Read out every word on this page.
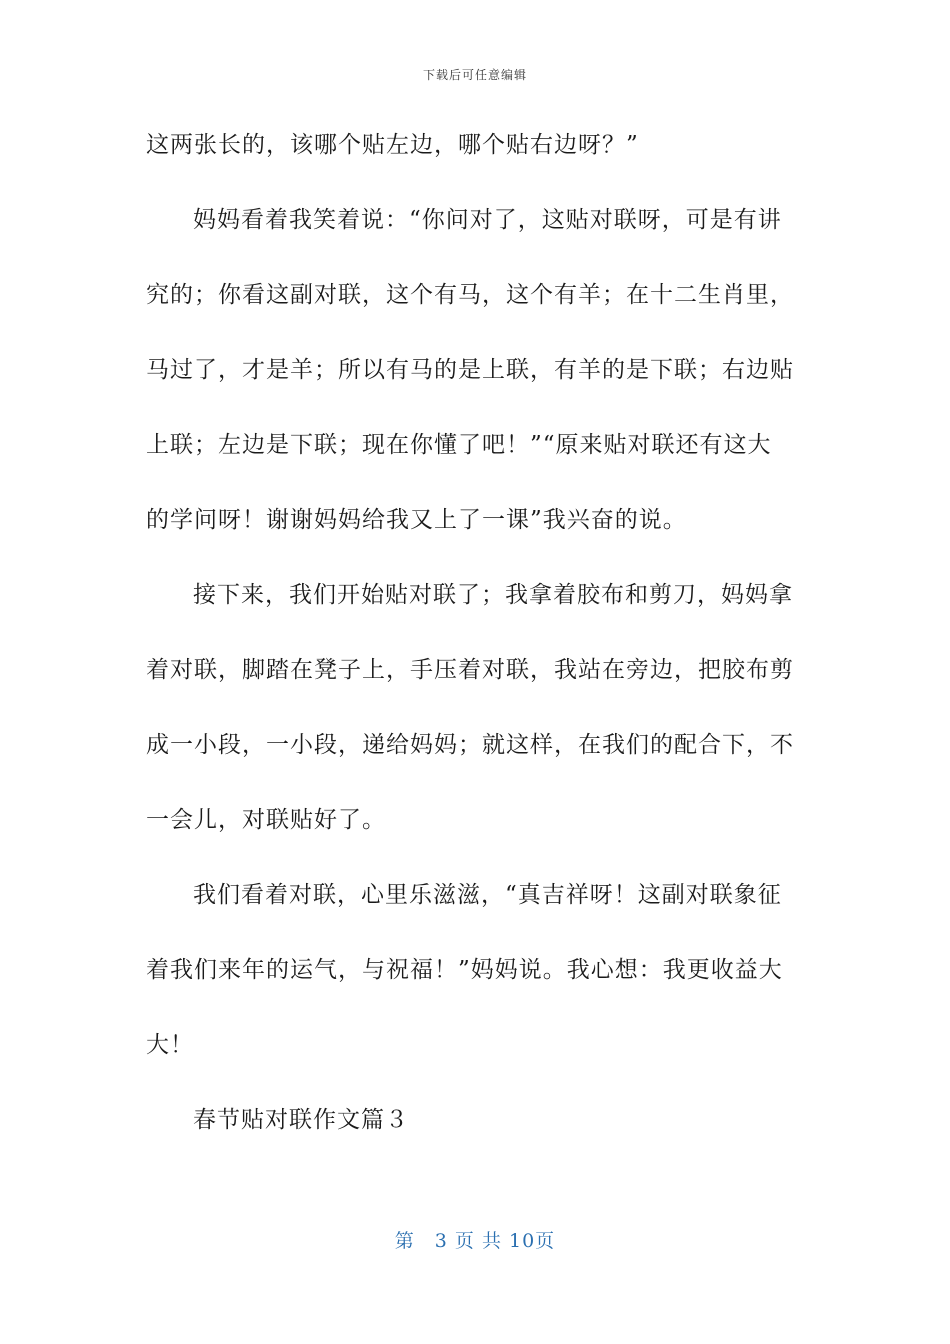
下载后可任意编辑
这两张长的，该哪个贴左边，哪个贴右边呀？”
妈妈看着我笑着说：“你问对了，这贴对联呀，可是有讲
究的；你看这副对联，这个有马，这个有羊；在十二生肖里，
马过了，才是羊；所以有马的是上联，有羊的是下联；右边贴
上联；左边是下联；现在你懂了吧！”“原来贴对联还有这大
的学问呀！谢谢妈妈给我又上了一课”我兴奋的说。
接下来，我们开始贴对联了；我拿着胶布和剪刀，妈妈拿
着对联，脚踏在凳子上，手压着对联，我站在旁边，把胶布剪
成一小段，一小段，递给妈妈；就这样，在我们的配合下，不
一会儿，对联贴好了。
我们看着对联，心里乐滋滋，“真吉祥呀！这副对联象征
着我们来年的运气，与祝福！”妈妈说。我心想：我更收益大
大！
春节贴对联作文篇３
第　3 页 共 10页
